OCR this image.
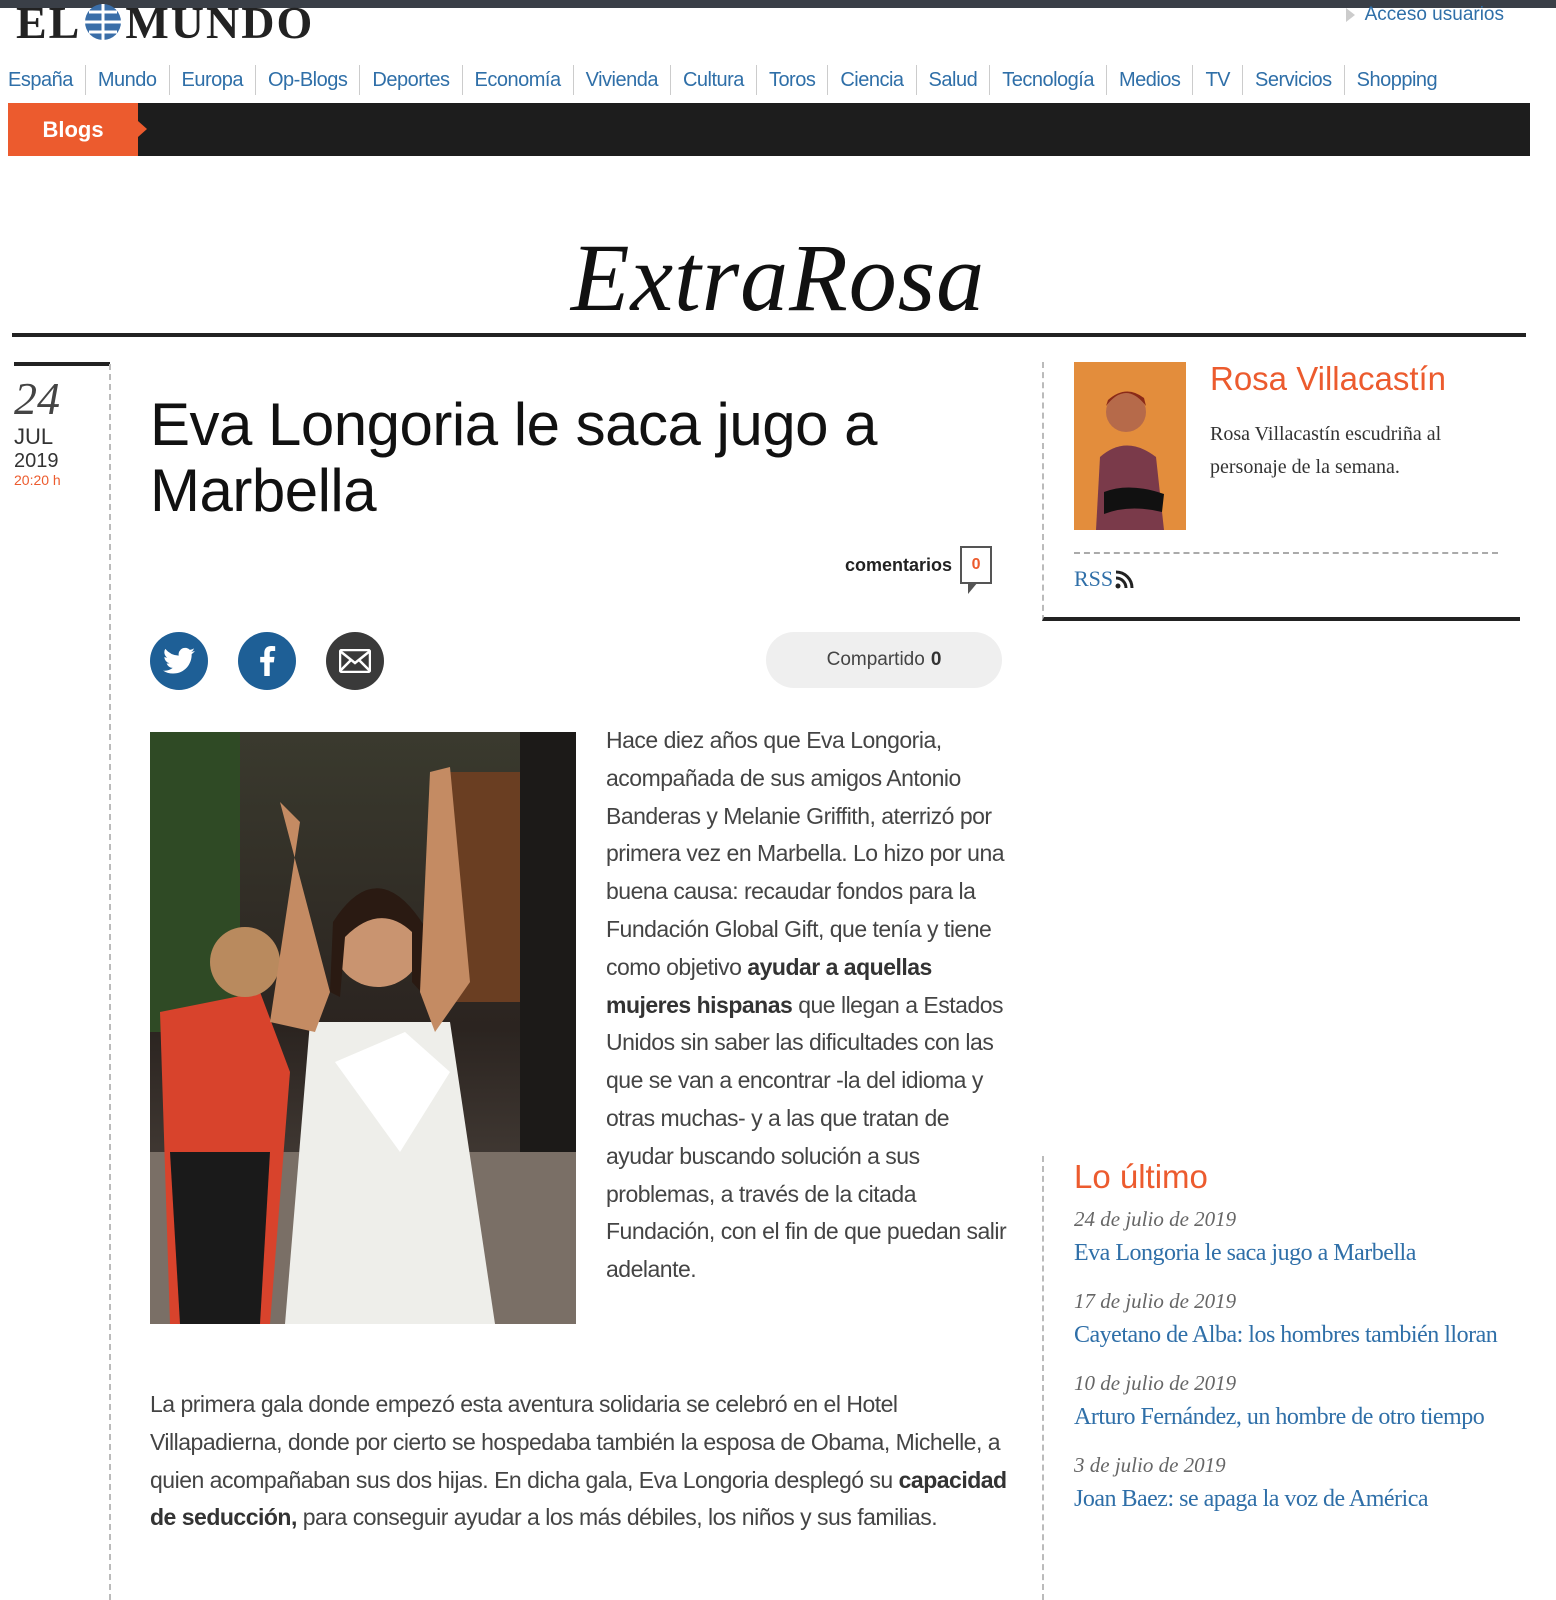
EL MUNDO	Acceso usuarios
España	Mundo	Europa	Op-Blogs	Deportes	Economía	Vivienda	Cultura	Toros	Ciencia	Salud	Tecnología	Medios	TV	Servicios	Shopping
Blogs
ExtraRosa
24
JUL
2019
20:20 h
Eva Longoria le saca jugo a Marbella
comentarios 0
Compartido 0
Hace diez años que Eva Longoria, acompañada de sus amigos Antonio Banderas y Melanie Griffith, aterrizó por primera vez en Marbella. Lo hizo por una buena causa: recaudar fondos para la Fundación Global Gift, que tenía y tiene como objetivo ayudar a aquellas mujeres hispanas que llegan a Estados Unidos sin saber las dificultades con las que se van a encontrar -la del idioma y otras muchas- y a las que tratan de ayudar buscando solución a sus problemas, a través de la citada Fundación, con el fin de que puedan salir adelante.
La primera gala donde empezó esta aventura solidaria se celebró en el Hotel Villapadierna, donde por cierto se hospedaba también la esposa de Obama, Michelle, a quien acompañaban sus dos hijas. En dicha gala, Eva Longoria desplegó su capacidad de seducción, para conseguir ayudar a los más débiles, los niños y sus familias.
Rosa Villacastín
Rosa Villacastín escudriña al personaje de la semana.
RSS
Lo último
24 de julio de 2019
Eva Longoria le saca jugo a Marbella
17 de julio de 2019
Cayetano de Alba: los hombres también lloran
10 de julio de 2019
Arturo Fernández, un hombre de otro tiempo
3 de julio de 2019
Joan Baez: se apaga la voz de América
